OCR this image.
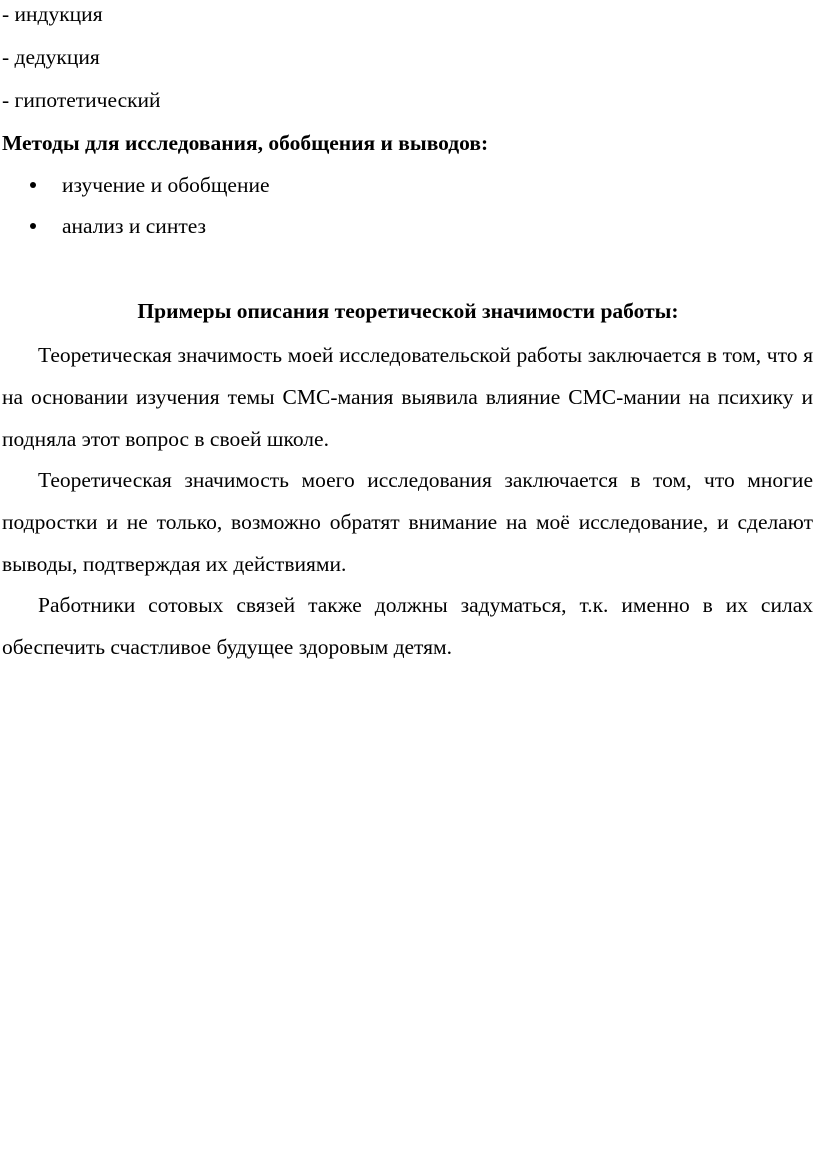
- индукция
- дедукция
- гипотетический
Методы для исследования, обобщения и выводов:
изучение и обобщение
анализ и синтез
Примеры описания теоретической значимости работы:

Теоретическая значимость моей исследовательской работы заключается в том, что я на основании изучения темы СМС-мания выявила влияние СМС-мании на психику и подняла этот вопрос в своей школе.

Теоретическая значимость моего исследования заключается в том, что многие подростки и не только, возможно обратят внимание на моё исследование, и сделают выводы, подтверждая их действиями.

Работники сотовых связей также должны задуматься, т.к. именно в их силах обеспечить счастливое будущее здоровым детям.
